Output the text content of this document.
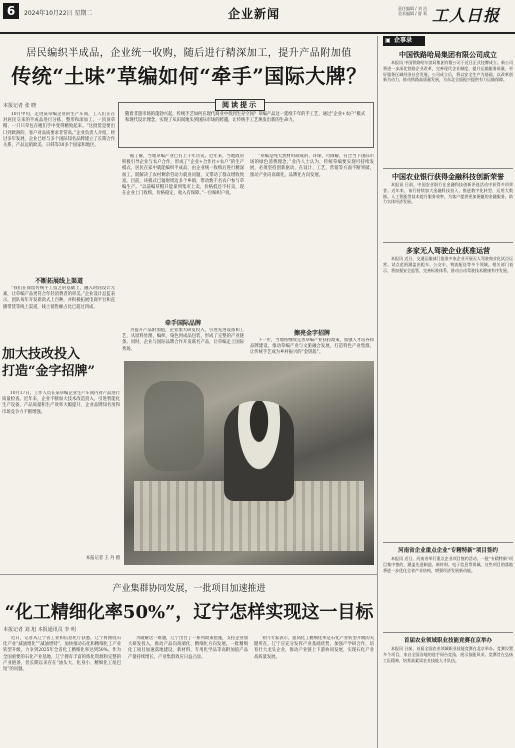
6	2024年10月22日 星期二	企业新闻	责任编辑 / 刘 洁
美术编辑 / 曹 莉 工人日报
居民编织半成品，企业统一收购，随后进行精深加工，提升产品附加值
传统“土味”草编如何“牵手”国际大牌？
本报记者 张 晓	阅读提示
随着非遗市场的蓬勃兴起，传统手艺如何在现代商业中找到生存空间？草编产品这一延续千年的手工艺，通过“企业+农户”模式和现代设计理念，实现了从田间地头到国际市场的跨越，让传统手工艺焕发出新的生命力。

10月中旬，走进某草编企业的生产车间，工人们正在对居民交来的半成品进行分拣、整形和深加工。一顶顶草帽、一只只草包在她们手中变得精致起来。“这批货是要出口到欧洲的，客户对品质要求非常高。”企业负责人介绍，经过多年发展，企业已经与多个国际知名品牌建立了长期合作关系，产品远销欧美、日韩等30多个国家和地区。

不断拓展线上渠道

“我们在保留传统手工技艺的基础上，融入时尚设计元素，让草编产品更符合年轻消费者的审美。”企业设计总监表示，团队每年开发新款式上百种，并积极拓展电商平台和直播带货等线上渠道，线上销售额占比已超过四成。

据了解，当地草编产业已有上千年历史。近年来，当地政府积极引导企业与农户合作，形成了“企业+合作社+农户”的生产模式，居民在家中就能编织半成品，由企业统一收购后进行精深加工，既解决了农村剩余劳动力就业问题，又带动了群众增收致富。目前，该模式已辐射周边多个乡镇，带动数千名农户参与草编生产。“以前编草帽只能拿到集市上卖，价格低还不好卖，现在企业上门收购，价格稳定，收入有保障。”一位编织户说。

牵手国际品牌

为提升产品附加值，企业加大研发投入，引进先进设备和工艺，从原料处理、编织、染色到成品包装，形成了完整的产业链条。同时，企业与国际品牌合作开发联名产品，让草编走上国际秀场。

“草编是纯天然材料制成的，环保、可降解，符合当下国际市场的绿色消费理念。”业内人士认为，传统草编要实现可持续发展，必须坚持创新驱动，在设计、工艺、营销等方面不断突破，推动产业向高端化、品牌化方向发展。

擦亮金字招牌

下一步，当地将继续完善草编产业扶持政策，加强人才培养和品牌建设，推动草编产业与文旅融合发展，打造特色产业集群，让传统手艺成为乡村振兴的“金钥匙”。

加大技改投入
打造“金字招牌”

10月17日，工作人员在某草编企业生产车间内对产品进行质量检查。近年来，企业不断加大技术改造投入，引进智能化生产设备，产品质量和生产效率大幅提升，企业品牌知名度和市场竞争力不断增强。

本报记者 王 丹 摄
产业集群协同发展，一批项目加速推进
“化工精细化率50%”，辽宁怎样实现这一目标
本报记者 刘 旭 本报通讯员 李 明

近日，记者从辽宁省工业和信息化厅获悉，辽宁将围绕石化产业“减油增化”“减油增特”，加快推动石化和精细化工产业转型升级，力争到2025年全省化工精细化率达到50%。作为全国重要的石化产业基地，辽宁拥有丰富的炼化资源和完整的产业链条，但长期以来存在“油头大、化身小、精细化工尾巴短”的问题。

为破解这一难题，辽宁出台了一系列政策措施，支持企业加大研发投入，推动产品向高端化、精细化方向发展。一批精细化工项目加速落地建设，新材料、专用化学品等高附加值产品产量持续增长，产业集群效应日益凸显。

业内专家表示，提高化工精细化率是石化产业转型升级的关键所在，辽宁应充分发挥产业基础优势，加强产学研合作，培育壮大龙头企业，推动产业链上下游协同发展，实现石化产业高质量发展。

▣ 企事录
中国铁路哈局集团有限公司成立

本报讯 中国铁路哈尔滨局集团有限公司于近日正式挂牌成立。新公司将进一步深化铁路企业改革，完善现代企业制度，提升运输服务质量，更好服务区域经济社会发展。公司成立后，将以安全生产为基础，以改革创新为动力，推动铁路高质量发展，为东北全面振兴提供有力运输保障。

中国农业银行获得金融科技创新荣誉

本报讯 日前，中国农业银行在金融科技创新评选活动中获得多项荣誉。近年来，该行持续加大金融科技投入，推进数字化转型，运用大数据、人工智能等技术提升服务效率，为客户提供更加便捷的金融服务，助力实体经济发展。

多家无人驾驶企业获准运营

本报讯 近日，交通运输部门批准多家企业开展无人驾驶商业化试点运营。试点范围涵盖出租车、公交车、物流配送等多个领域。相关部门表示，将加强安全监管，完善标准体系，推动自动驾驶技术健康有序发展。

河南省企业重点企业“专精特新”项目签约

本报讯 近日，河南省举行重点企业项目签约活动，一批“专精特新”项目集中签约，涵盖先进制造、新材料、电子信息等领域。这些项目的落地将进一步优化全省产业结构，增强经济发展新动能。

首届农业领域职业技能竞赛在京举办

本报讯 日前，首届全国农业领域职业技能竞赛在北京举办。竞赛设置多个项目，来自全国各地的选手同台竞技，展示技能风采。竞赛旨在弘扬工匠精神，培养高素质农业技能人才队伍。
